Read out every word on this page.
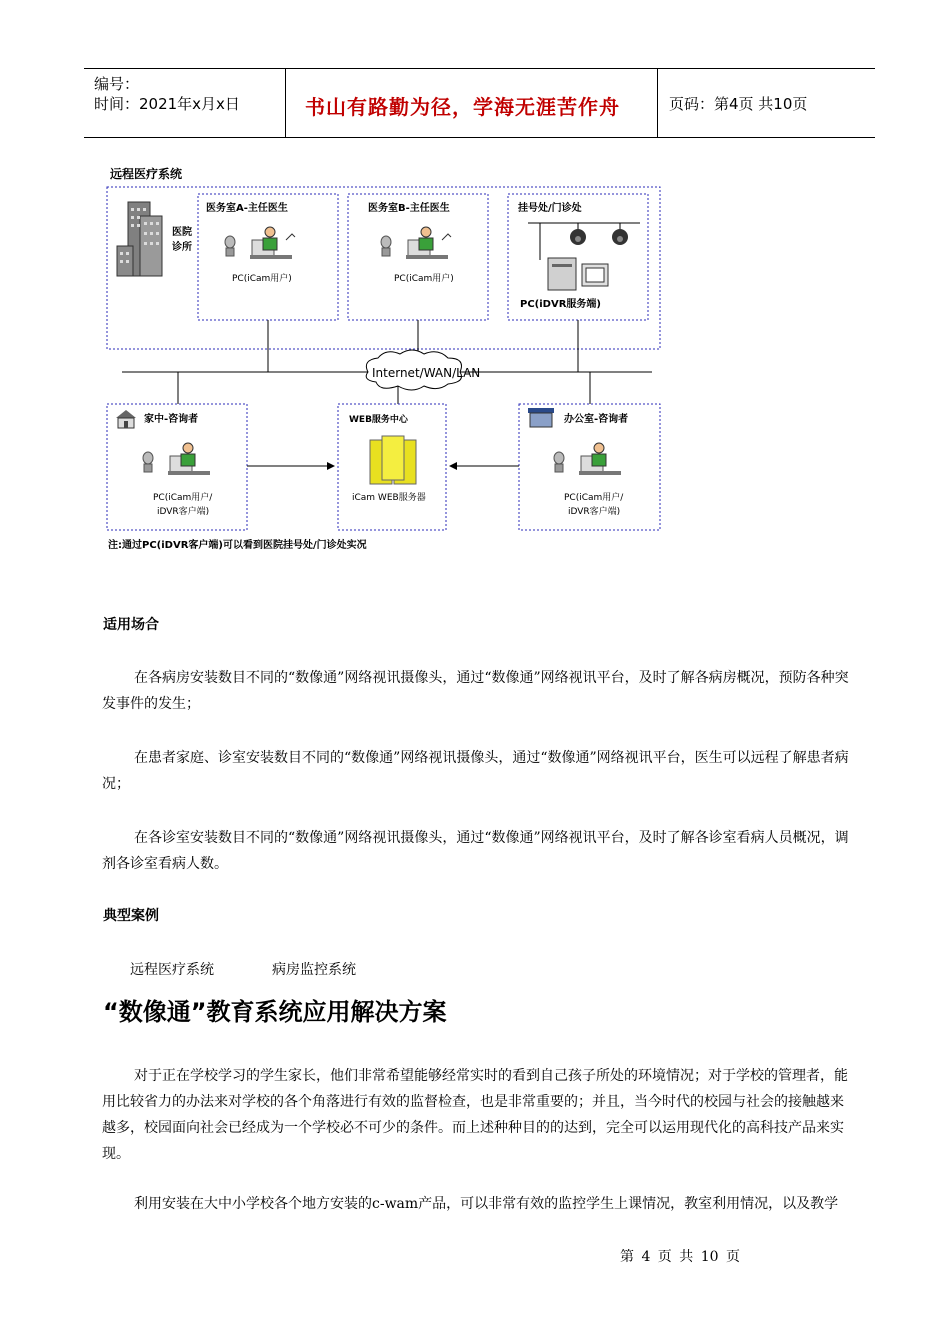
编号：
时间：2021年x月x日	书山有路勤为径，学海无涯苦作舟	页码：第4页 共10页
远程医疗系统
医院
诊所
医务室A-主任医生
PC(iCam用户)
医务室B-主任医生
PC(iCam用户)
挂号处/门诊处
PC(iDVR服务端)
Internet/WAN/LAN
家中-咨询者
PC(iCam用户/
iDVR客户端)
WEB服务中心
iCam WEB服务器
办公室-咨询者
PC(iCam用户/
iDVR客户端)
注:通过PC(iDVR客户端)可以看到医院挂号处/门诊处实况
适用场合
在各病房安装数目不同的“数像通”网络视讯摄像头，通过“数像通”网络视讯平台，及时了解各病房概况，预防各种突发事件的发生；
在患者家庭、诊室安装数目不同的“数像通”网络视讯摄像头，通过“数像通”网络视讯平台，医生可以远程了解患者病况；
在各诊室安装数目不同的“数像通”网络视讯摄像头，通过“数像通”网络视讯平台，及时了解各诊室看病人员概况，调剂各诊室看病人数。
典型案例
远程医疗系统	病房监控系统
“数像通”教育系统应用解决方案
对于正在学校学习的学生家长，他们非常希望能够经常实时的看到自己孩子所处的环境情况；对于学校的管理者，能用比较省力的办法来对学校的各个角落进行有效的监督检查，也是非常重要的；并且，当今时代的校园与社会的接触越来越多，校园面向社会已经成为一个学校必不可少的条件。而上述种种目的的达到，完全可以运用现代化的高科技产品来实现。
利用安装在大中小学校各个地方安装的c-wam产品，可以非常有效的监控学生上课情况，教室利用情况，以及教学
第 4 页 共 10 页
